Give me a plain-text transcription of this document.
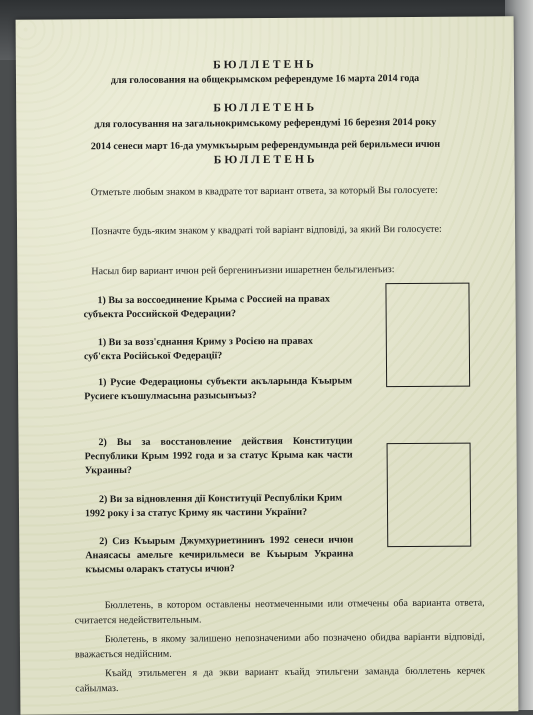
БЮЛЛЕТЕНЬ

для голосования на общекрымском референдуме 16 марта 2014 года

БЮЛЛЕТЕНЬ

для голосування на загальнокримському референдумі 16 березня 2014 року

2014 сенеси март 16-да умумкъырым референдумында рей берильмеси ичюн

БЮЛЛЕТЕНЬ

Отметьте любым знаком в квадрате тот вариант ответа, за который Вы голосуете:

Позначте будь-яким знаком у квадраті той варіант відповіді, за який Ви голосуєте:

Насыл бир вариант ичюн рей бергенинъизни ишаретнен бельгиленъиз:

1) Вы за воссоединение Крыма с Россией на правах субъекта Российской Федерации?

1) Ви за возз'єднання Криму з Росією на правах суб'єкта Російської Федерації?

1) Русие Федерационы субъекти акъларында Къырым Русиеге къошулмасына разысынъыз?

2) Вы за восстановление действия Конституции Республики Крым 1992 года и за статус Крыма как части Украины?

2) Ви за відновлення дії Конституції Республіки Крим 1992 року і за статус Криму як частини України?

2) Сиз Къырым Джумхуриетининъ 1992 сенеси ичюн Анаясасы амельге кечирильмеси ве Къырым Украина къысмы оларакъ статусы ичюн?

Бюллетень, в котором оставлены неотмеченными или отмечены оба варианта ответа, считается недействительным.

Бюлетень, в якому залишено непозначеними або позначено обидва варіанти відповіді, вважається недійсним.

Къайд этильмеген я да экви вариант къайд этильгени заманда бюллетень керчек сайылмаз.
